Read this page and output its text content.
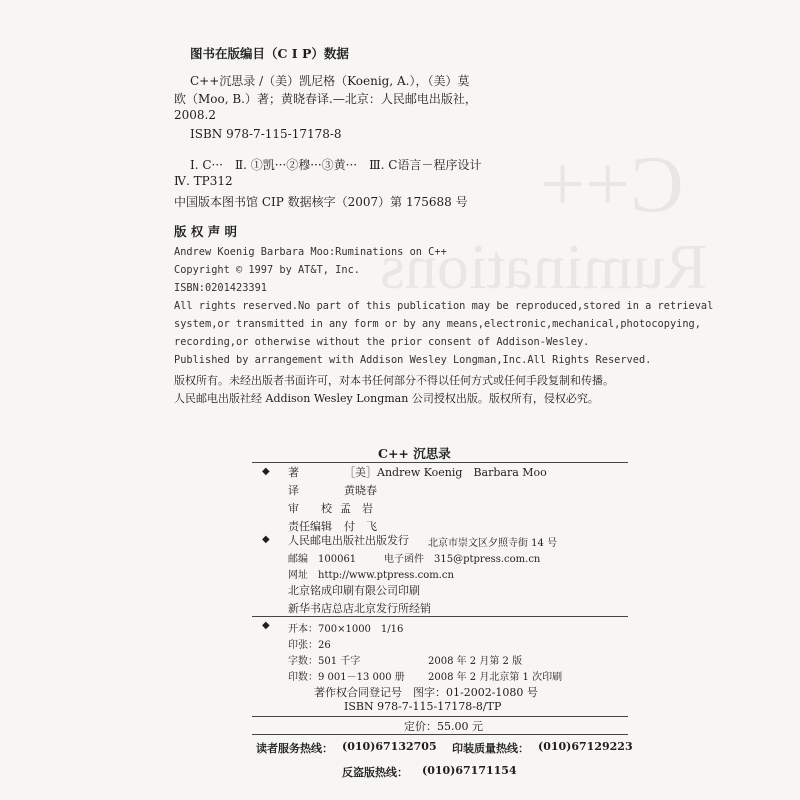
C++
Ruminations
图书在版编目（C I P）数据
C++沉思录 /（美）凯尼格（Koenig, A.），（美）莫
欧（Moo, B.）著；黄晓春译.—北京：人民邮电出版社，
2008.2
ISBN 978-7-115-17178-8
Ⅰ. C···　Ⅱ. ①凯···②穆···③黄···　Ⅲ. C语言－程序设计
Ⅳ. TP312
中国版本图书馆 CIP 数据核字（2007）第 175688 号
版 权 声 明
Andrew Koenig Barbara Moo:Ruminations on C++
Copyright © 1997 by AT&T, Inc.
ISBN:0201423391
All rights reserved.No part of this publication may be reproduced,stored in a retrieval
system,or transmitted in any form or by any means,electronic,mechanical,photocopying,
recording,or otherwise without the prior consent of Addison-Wesley.
Published by arrangement with Addison Wesley Longman,Inc.All Rights Reserved.
版权所有。未经出版者书面许可，对本书任何部分不得以任何方式或任何手段复制和传播。
人民邮电出版社经 Addison Wesley Longman 公司授权出版。版权所有，侵权必究。
C++ 沉思录
◆ 著	［美］Andrew Koenig　Barbara Moo
译	黄晓春
审　　校 孟　岩
责任编辑 付　飞
◆ 人民邮电出版社出版发行 北京市崇文区夕照寺街 14 号
邮编　100061	电子函件　315@ptpress.com.cn
网址　http://www.ptpress.com.cn
北京铭成印刷有限公司印刷
新华书店总店北京发行所经销
◆ 开本：700×1000　1/16
印张：26
字数：501 千字	2008 年 2 月第 2 版
印数：9 001－13 000 册 2008 年 2 月北京第 1 次印刷
著作权合同登记号　图字：01-2002-1080 号
ISBN 978-7-115-17178-8/TP
定价：55.00 元
读者服务热线： (010)67132705 印装质量热线： (010)67129223
反盗版热线： (010)67171154
